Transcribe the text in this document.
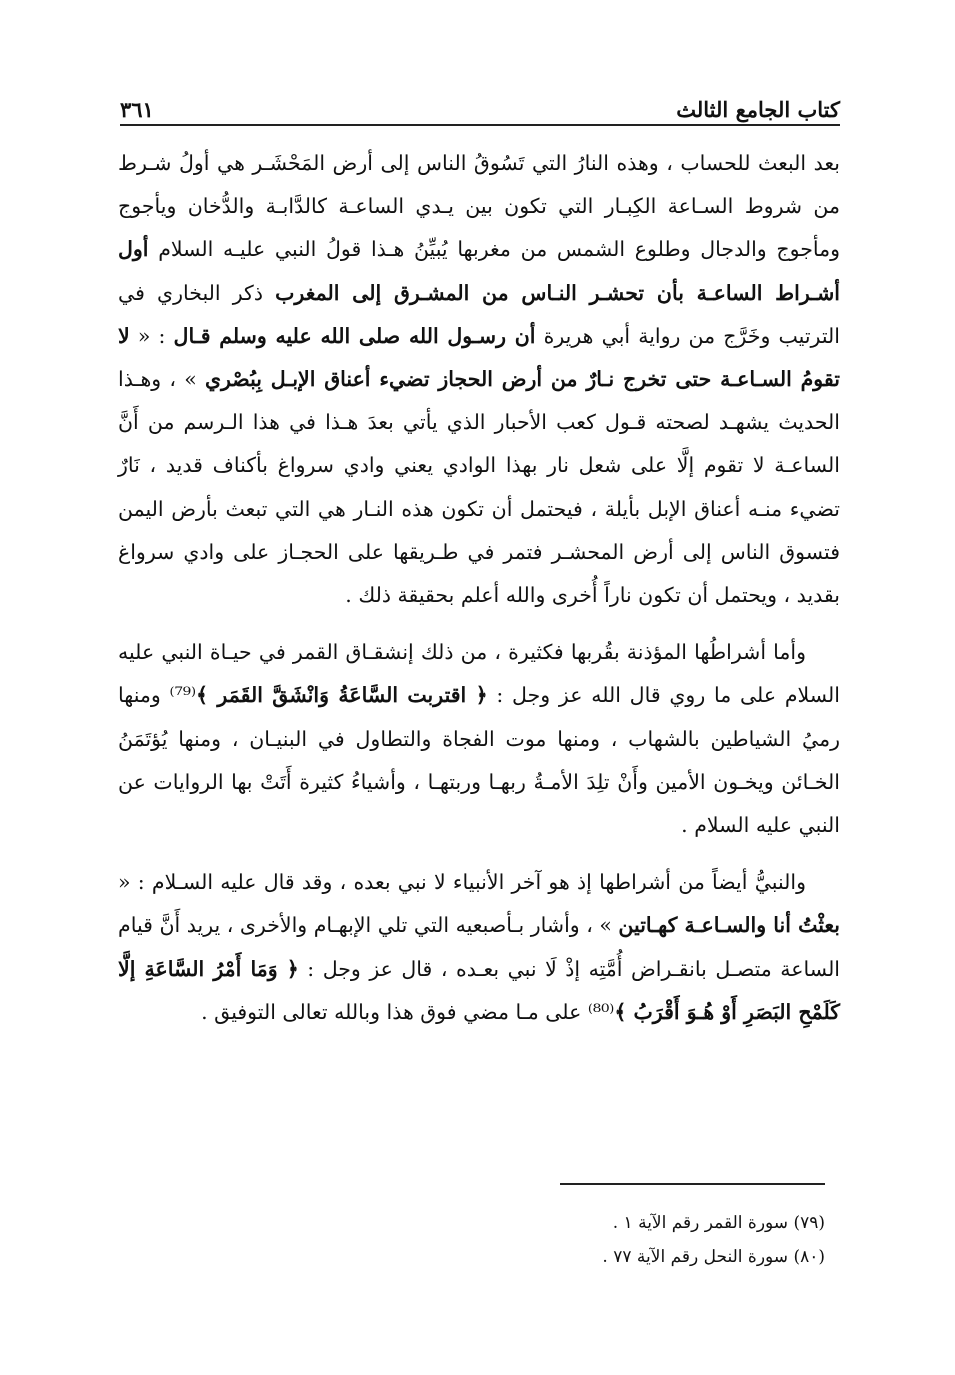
كتاب الجامع الثالث
٣٦١

بعد البعث للحساب ، وهذه النارُ التي تَسُوقُ الناس إلى أرض المَحْشَـر هي أولُ شـرط من شروط السـاعة الكِبـار التي تكون بين يـدي الساعـة كالدَّابـة والدُّخان ويأجوج ومأجوج والدجال وطلوع الشمس من مغربها يُبيِّنُ هـذا قولُ النبي عليـه السلام أول أشـراط الساعـة بأن تحشـر النـاس من المشـرق إلى المغرب ذكر البخاري في الترتيب وخَرَّج من رواية أبي هريرة أن رسـول الله صلى الله عليه وسلم قـال : « لا تقومُ السـاعـة حتى تخرج نـارٌ من أرض الحجاز تضيء أعناق الإبـل بِبُصْري » ، وهـذا الحديث يشهـد لصحته قـول كعب الأحبار الذي يأتي بعدَ هـذا في هذا الـرسم من أَنَّ الساعـة لا تقوم إلَّا على شعل نار بهذا الوادي يعني وادي سرواغ بأكناف قديد ، نَارٌ تضيء منـه أعناق الإبل بأيلة ، فيحتمل أن تكون هذه النـار هي التي تبعث بأرض اليمن فتسوق الناس إلى أرض المحشـر فتمر في طـريقها على الحجـاز على وادي سرواغ بقديد ، ويحتمل أن تكون ناراً أُخرى والله أعلم بحقيقة ذلك .

وأما أشراطُها المؤذنة بقُربها فكثيرة ، من ذلك إنشقـاق القمر في حيـاة النبي عليه السلام على ما روي قال الله عز وجل : ﴿ اقتربت السَّاعَةُ وَانْشَقَّ القَمَر ﴾⁽⁷⁹⁾ ومنها رميُ الشياطين بالشهاب ، ومنها موت الفجاة والتطاول في البنيـان ، ومنها يُؤتَمَنُ الخـائن ويخـون الأمين وأَنْ تلِدَ الأمـةُ ربهـا وربتهـا ، وأشياءُ كثيرة أَتَتْ بها الروايات عن النبي عليه السلام .

والنبيُّ أيضاً من أشراطها إذ هو آخر الأنبياء لا نبي بعده ، وقد قال عليه السـلام : « بعثْتُ أنا والسـاعـة كهـاتين » ، وأشار بـأصبعيه التي تلي الإبهـام والأخرى ، يريد أَنَّ قيام الساعة متصـل بانقـراض أُمَّتِه إذْ لَا نبي بعـده ، قال عز وجل : ﴿ وَمَا أَمْرُ السَّاعَةِ إلَّا كَلَمْحِ البَصَرِ أَوْ هُـوَ أَقْرَبُ ﴾⁽⁸⁰⁾ على مـا مضي فوق هذا وبالله تعالى التوفيق .

(٧٩) سورة القمر رقم الآية ١ .
(٨٠) سورة النحل رقم الآية ٧٧ .
